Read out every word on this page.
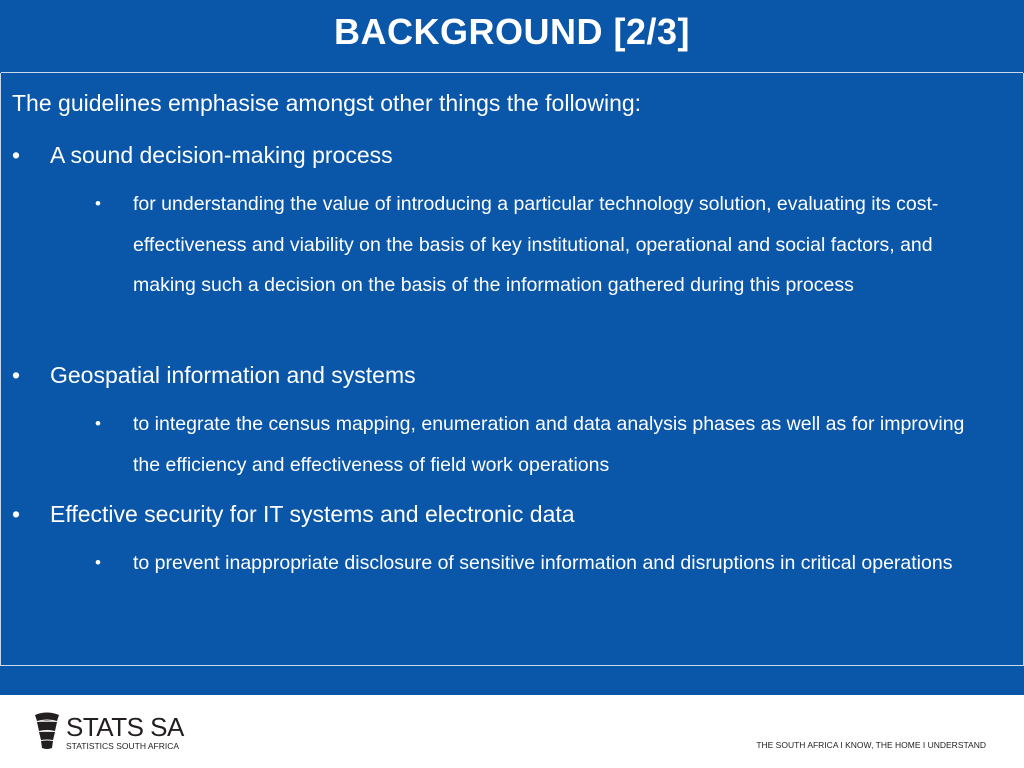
BACKGROUND [2/3]
The guidelines emphasise amongst other things the following:
• A sound decision-making process
• for understanding the value of introducing a particular technology solution, evaluating its cost-effectiveness and viability on the basis of key institutional, operational and social factors, and making such a decision on the basis of the information gathered during this process
• Geospatial information and systems
• to integrate the census mapping, enumeration and data analysis phases as well as for improving the efficiency and effectiveness of field work operations
• Effective security for IT systems and electronic data
• to prevent inappropriate disclosure of sensitive information and disruptions in critical operations
STATS SA
STATISTICS SOUTH AFRICA	THE SOUTH AFRICA I KNOW, THE HOME I UNDERSTAND
